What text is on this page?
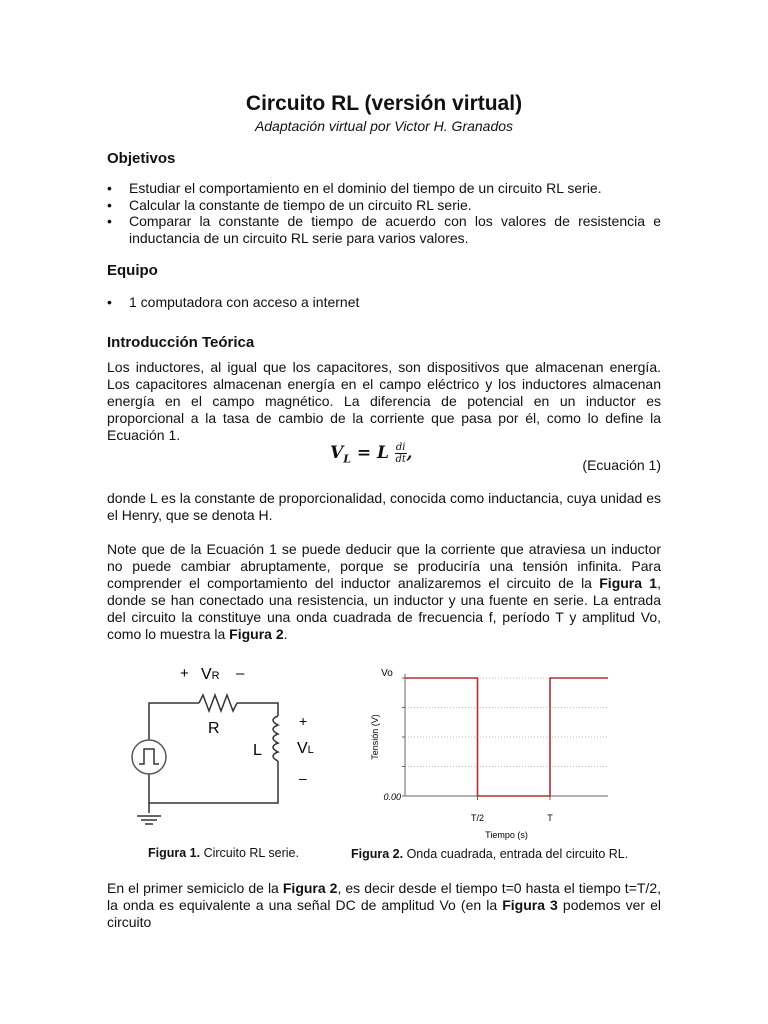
Circuito RL (versión virtual)
Adaptación virtual por Victor H. Granados
Objetivos
• Estudiar el comportamiento en el dominio del tiempo de un circuito RL serie.
• Calcular la constante de tiempo de un circuito RL serie.
• Comparar la constante de tiempo de acuerdo con los valores de resistencia e inductancia de un circuito RL serie para varios valores.
Equipo
• 1 computadora con acceso a internet
Introducción Teórica

Los inductores, al igual que los capacitores, son dispositivos que almacenan energía. Los capacitores almacenan energía en el campo eléctrico y los inductores almacenan energía en el campo magnético. La diferencia de potencial en un inductor es proporcional a la tasa de cambio de la corriente que pasa por él, como lo define la Ecuación 1.

$V_L = L \frac{di}{dt}$,
(Ecuación 1)

donde L es la constante de proporcionalidad, conocida como inductancia, cuya unidad es el Henry, que se denota H.

Note que de la Ecuación 1 se puede deducir que la corriente que atraviesa un inductor no puede cambiar abruptamente, porque se produciría una tensión infinita. Para comprender el comportamiento del inductor analizaremos el circuito de la Figura 1, donde se han conectado una resistencia, un inductor y una fuente en serie. La entrada del circuito la constituye una onda cuadrada de frecuencia f, período T y amplitud Vo, como lo muestra la Figura 2.

+ VR –
R
L
+
VL
–
Figura 1. Circuito RL serie.
0.00
Vo
T/2	T
Tensión (V)
Tiempo (s)
Figura 2. Onda cuadrada, entrada del circuito RL.

En el primer semiciclo de la Figura 2, es decir desde el tiempo t=0 hasta el tiempo t=T/2, la onda es equivalente a una señal DC de amplitud Vo (en la Figura 3 podemos ver el circuito
